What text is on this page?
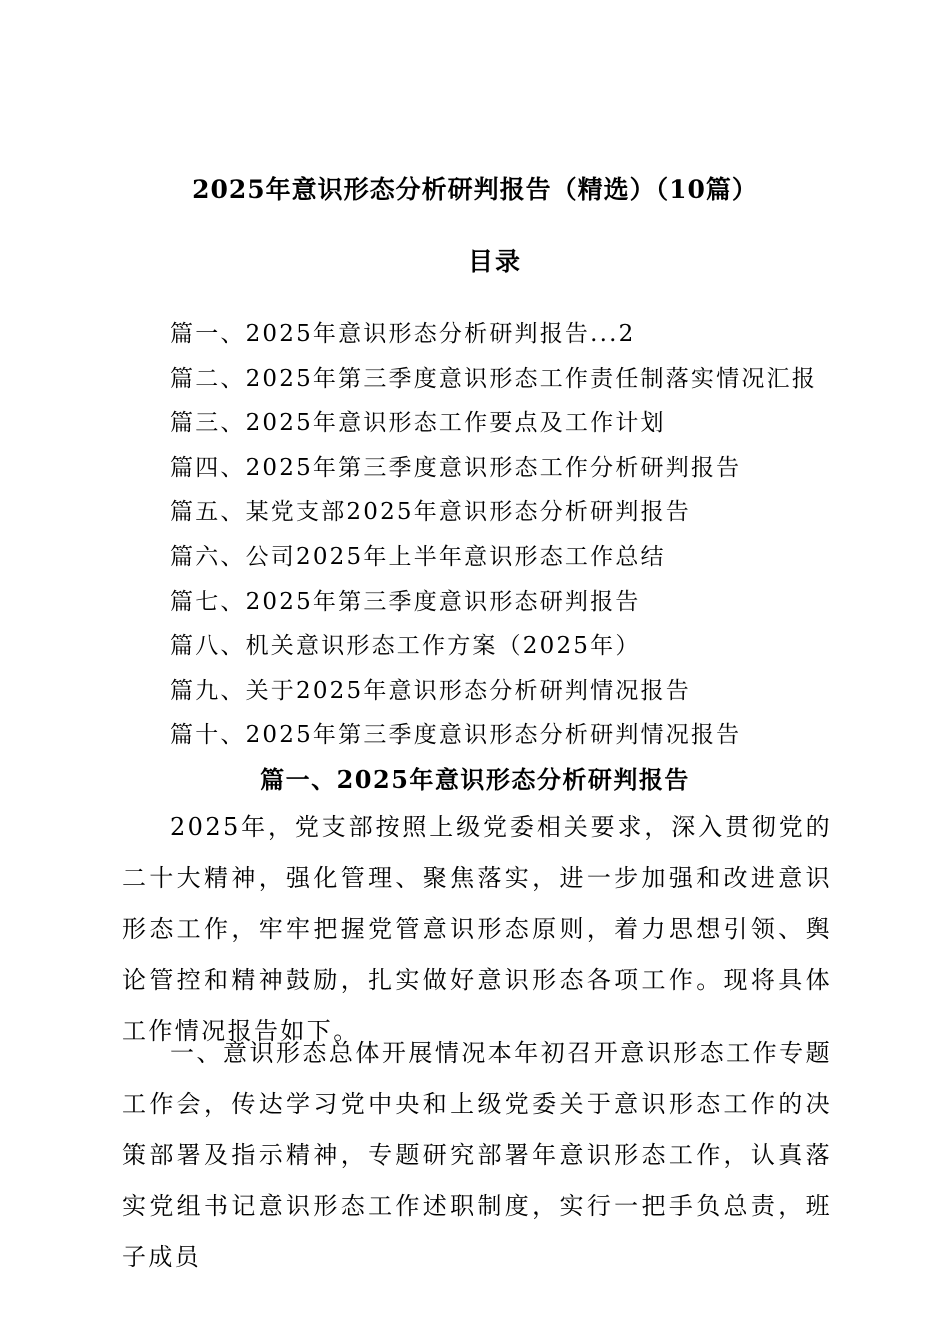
2025年意识形态分析研判报告（精选）（10篇）
目录
篇一、2025年意识形态分析研判报告...2
篇二、2025年第三季度意识形态工作责任制落实情况汇报
篇三、2025年意识形态工作要点及工作计划
篇四、2025年第三季度意识形态工作分析研判报告
篇五、某党支部2025年意识形态分析研判报告
篇六、公司2025年上半年意识形态工作总结
篇七、2025年第三季度意识形态研判报告
篇八、机关意识形态工作方案（2025年）
篇九、关于2025年意识形态分析研判情况报告
篇十、2025年第三季度意识形态分析研判情况报告
篇一、2025年意识形态分析研判报告

2025年，党支部按照上级党委相关要求，深入贯彻党的二十大精神，强化管理、聚焦落实，进一步加强和改进意识形态工作，牢牢把握党管意识形态原则，着力思想引领、舆论管控和精神鼓励，扎实做好意识形态各项工作。现将具体工作情况报告如下。

一、意识形态总体开展情况本年初召开意识形态工作专题工作会，传达学习党中央和上级党委关于意识形态工作的决策部署及指示精神，专题研究部署年意识形态工作，认真落实党组书记意识形态工作述职制度，实行一把手负总责，班子成员
